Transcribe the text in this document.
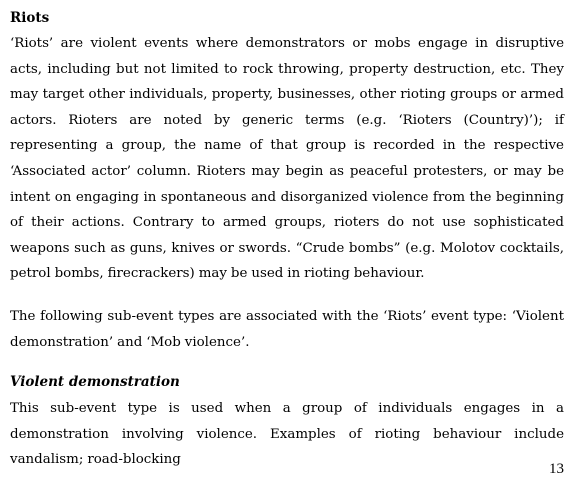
Riots

‘Riots’ are violent events where demonstrators or mobs engage in disruptive acts, including but not limited to rock throwing, property destruction, etc. They may target other individuals, property, businesses, other rioting groups or armed actors. Rioters are noted by generic terms (e.g. ‘Rioters (Country)’); if representing a group, the name of that group is recorded in the respective ‘Associated actor’ column. Rioters may begin as peaceful protesters, or may be intent on engaging in spontaneous and disorganized violence from the beginning of their actions. Contrary to armed groups, rioters do not use sophisticated weapons such as guns, knives or swords. “Crude bombs” (e.g. Molotov cocktails, petrol bombs, firecrackers) may be used in rioting behaviour.

The following sub-event types are associated with the ‘Riots’ event type: ‘Violent demonstration’ and ‘Mob violence’.

Violent demonstration

This sub-event type is used when a group of individuals engages in a demonstration involving violence. Examples of rioting behaviour include vandalism; road-blocking

13
